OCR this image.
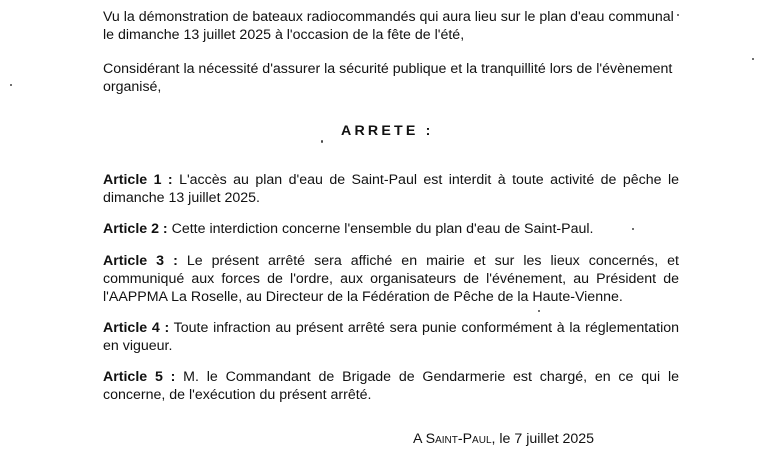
Vu la démonstration de bateaux radiocommandés qui aura lieu sur le plan d'eau communal
le dimanche 13 juillet 2025 à l'occasion de la fête de l'été,
Considérant la nécessité d'assurer la sécurité publique et la tranquillité lors de l'évènement
organisé,
ARRETE :
Article 1 : L'accès au plan d'eau de Saint-Paul est interdit à toute activité de pêche le
dimanche 13 juillet 2025.
Article 2 : Cette interdiction concerne l'ensemble du plan d'eau de Saint-Paul.
Article 3 : Le présent arrêté sera affiché en mairie et sur les lieux concernés, et
communiqué aux forces de l'ordre, aux organisateurs de l'événement, au Président de
l'AAPPMA La Roselle, au Directeur de la Fédération de Pêche de la Haute-Vienne.
Article 4 : Toute infraction au présent arrêté sera punie conformément à la réglementation
en vigueur.
Article 5 : M. le Commandant de Brigade de Gendarmerie est chargé, en ce qui le
concerne, de l'exécution du présent arrêté.
A Saint-Paul, le 7 juillet 2025
